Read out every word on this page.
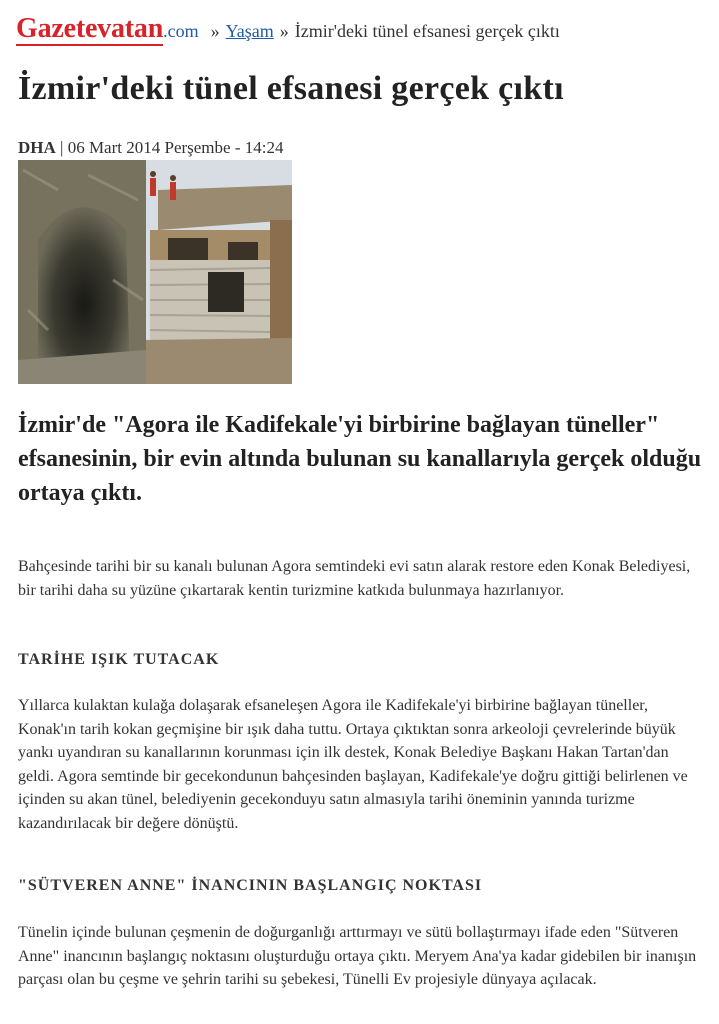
Gazetevatan .com » Yaşam » İzmir'deki tünel efsanesi gerçek çıktı
İzmir'deki tünel efsanesi gerçek çıktı
DHA | 06 Mart 2014 Perşembe - 14:24

İzmir'de "Agora ile Kadifekale'yi birbirine bağlayan tüneller" efsanesinin, bir evin altında bulunan su kanallarıyla gerçek olduğu ortaya çıktı.

Bahçesinde tarihi bir su kanalı bulunan Agora semtindeki evi satın alarak restore eden Konak Belediyesi, bir tarihi daha su yüzüne çıkartarak kentin turizmine katkıda bulunmaya hazırlanıyor.

TARİHE IŞIK TUTACAK

Yıllarca kulaktan kulağa dolaşarak efsaneleşen Agora ile Kadifekale'yi birbirine bağlayan tüneller, Konak'ın tarih kokan geçmişine bir ışık daha tuttu. Ortaya çıktıktan sonra arkeoloji çevrelerinde büyük yankı uyandıran su kanallarının korunması için ilk destek, Konak Belediye Başkanı Hakan Tartan'dan geldi. Agora semtinde bir gecekondunun bahçesinden başlayan, Kadifekale'ye doğru gittiği belirlenen ve içinden su akan tünel, belediyenin gecekonduyu satın almasıyla tarihi öneminin yanında turizme kazandırılacak bir değere dönüştü.

"SÜTVEREN ANNE" İNANCININ BAŞLANGIÇ NOKTASI

Tünelin içinde bulunan çeşmenin de doğurganlığı arttırmayı ve sütü bollaştırmayı ifade eden "Sütveren Anne" inancının başlangıç noktasını oluşturduğu ortaya çıktı. Meryem Ana'ya kadar gidebilen bir inanışın parçası olan bu çeşme ve şehrin tarihi su şebekesi, Tünelli Ev projesiyle dünyaya açılacak.
